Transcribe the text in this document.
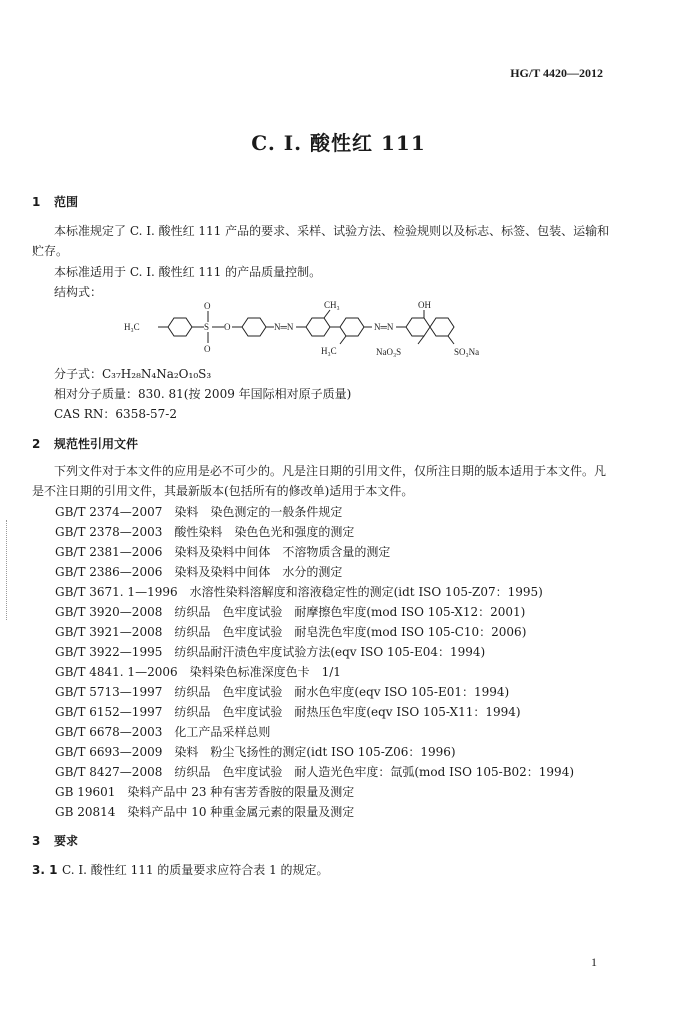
HG/T 4420—2012
C. I. 酸性红 111
1 范围
本标准规定了 C. I. 酸性红 111 产品的要求、采样、试验方法、检验规则以及标志、标签、包装、运输和贮存。
本标准适用于 C. I. 酸性红 111 的产品质量控制。
结构式：
H₃C	S
O
O
O	N═N
CH₃
H₃C
N═N
OH
NaO₃S	SO₃Na
分子式：C₃₇H₂₈N₄Na₂O₁₀S₃
相对分子质量：830. 81(按 2009 年国际相对原子质量)
CAS RN：6358-57-2
2 规范性引用文件
下列文件对于本文件的应用是必不可少的。凡是注日期的引用文件，仅所注日期的版本适用于本文件。凡是不注日期的引用文件，其最新版本(包括所有的修改单)适用于本文件。
GB/T 2374—2007　染料　染色测定的一般条件规定
GB/T 2378—2003　酸性染料　染色色光和强度的测定
GB/T 2381—2006　染料及染料中间体　不溶物质含量的测定
GB/T 2386—2006　染料及染料中间体　水分的测定
GB/T 3671. 1—1996　水溶性染料溶解度和溶液稳定性的测定(idt ISO 105-Z07：1995)
GB/T 3920—2008　纺织品　色牢度试验　耐摩擦色牢度(mod ISO 105-X12：2001)
GB/T 3921—2008　纺织品　色牢度试验　耐皂洗色牢度(mod ISO 105-C10：2006)
GB/T 3922—1995　纺织品耐汗渍色牢度试验方法(eqv ISO 105-E04：1994)
GB/T 4841. 1—2006　染料染色标准深度色卡　1/1
GB/T 5713—1997　纺织品　色牢度试验　耐水色牢度(eqv ISO 105-E01：1994)
GB/T 6152—1997　纺织品　色牢度试验　耐热压色牢度(eqv ISO 105-X11：1994)
GB/T 6678—2003　化工产品采样总则
GB/T 6693—2009　染料　粉尘飞扬性的测定(idt ISO 105-Z06：1996)
GB/T 8427—2008　纺织品　色牢度试验　耐人造光色牢度：氙弧(mod ISO 105-B02：1994)
GB 19601　染料产品中 23 种有害芳香胺的限量及测定
GB 20814　染料产品中 10 种重金属元素的限量及测定
3 要求
3. 1 C. I. 酸性红 111 的质量要求应符合表 1 的规定。
1
